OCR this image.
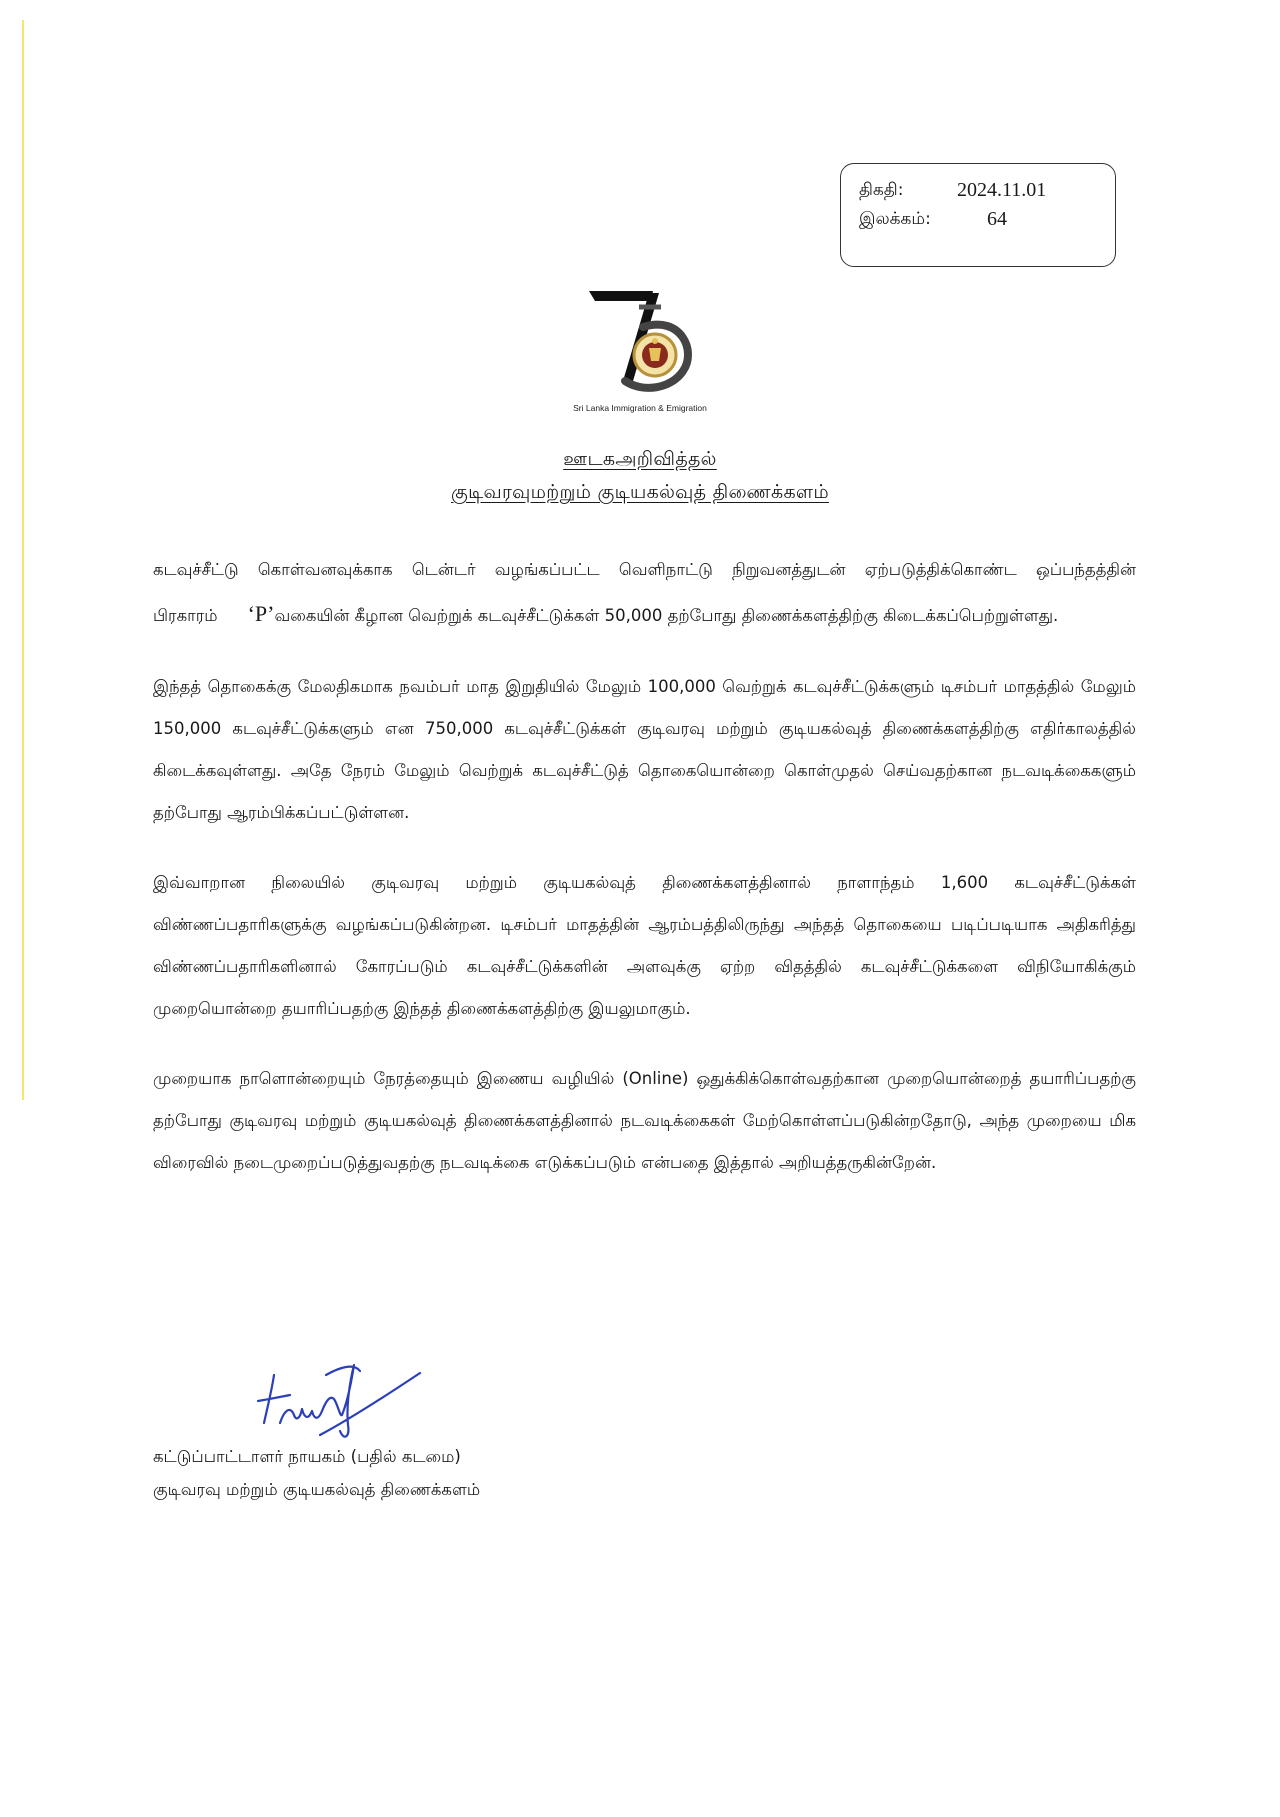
திகதி:	2024.11.01
இலக்கம்:	64
Sri Lanka Immigration & Emigration
ஊடகஅறிவித்தல்
குடிவரவுமற்றும் குடியகல்வுத் திணைக்களம்

கடவுச்சீட்டு கொள்வனவுக்காக டென்டர் வழங்கப்பட்ட வெளிநாட்டு நிறுவனத்துடன் ஏற்படுத்திக்கொண்ட ஒப்பந்தத்தின் பிரகாரம் ‘P’வகையின் கீழான வெற்றுக் கடவுச்சீட்டுக்கள் 50,000 தற்போது திணைக்களத்திற்கு கிடைக்கப்பெற்றுள்ளது.

இந்தத் தொகைக்கு மேலதிகமாக நவம்பர் மாத இறுதியில் மேலும் 100,000 வெற்றுக் கடவுச்சீட்டுக்களும் டிசம்பர் மாதத்தில் மேலும் 150,000 கடவுச்சீட்டுக்களும் என 750,000 கடவுச்சீட்டுக்கள் குடிவரவு மற்றும் குடியகல்வுத் திணைக்களத்திற்கு எதிர்காலத்தில் கிடைக்கவுள்ளது. அதே நேரம் மேலும் வெற்றுக் கடவுச்சீட்டுத் தொகையொன்றை கொள்முதல் செய்வதற்கான நடவடிக்கைகளும் தற்போது ஆரம்பிக்கப்பட்டுள்ளன.

இவ்வாறான நிலையில் குடிவரவு மற்றும் குடியகல்வுத் திணைக்களத்தினால் நாளாந்தம் 1,600 கடவுச்சீட்டுக்கள் விண்ணப்பதாரிகளுக்கு வழங்கப்படுகின்றன. டிசம்பர் மாதத்தின் ஆரம்பத்திலிருந்து அந்தத் தொகையை படிப்படியாக அதிகரித்து விண்ணப்பதாரிகளினால் கோரப்படும் கடவுச்சீட்டுக்களின் அளவுக்கு ஏற்ற விதத்தில் கடவுச்சீட்டுக்களை விநியோகிக்கும் முறையொன்றை தயாரிப்பதற்கு இந்தத் திணைக்களத்திற்கு இயலுமாகும்.

முறையாக நாளொன்றையும் நேரத்தையும் இணைய வழியில் (Online) ஒதுக்கிக்கொள்வதற்கான முறையொன்றைத் தயாரிப்பதற்கு தற்போது குடிவரவு மற்றும் குடியகல்வுத் திணைக்களத்தினால் நடவடிக்கைகள் மேற்கொள்ளப்படுகின்றதோடு, அந்த முறையை மிக விரைவில் நடைமுறைப்படுத்துவதற்கு நடவடிக்கை எடுக்கப்படும் என்பதை இத்தால் அறியத்தருகின்றேன்.

கட்டுப்பாட்டாளர் நாயகம் (பதில் கடமை)
குடிவரவு மற்றும் குடியகல்வுத் திணைக்களம்
